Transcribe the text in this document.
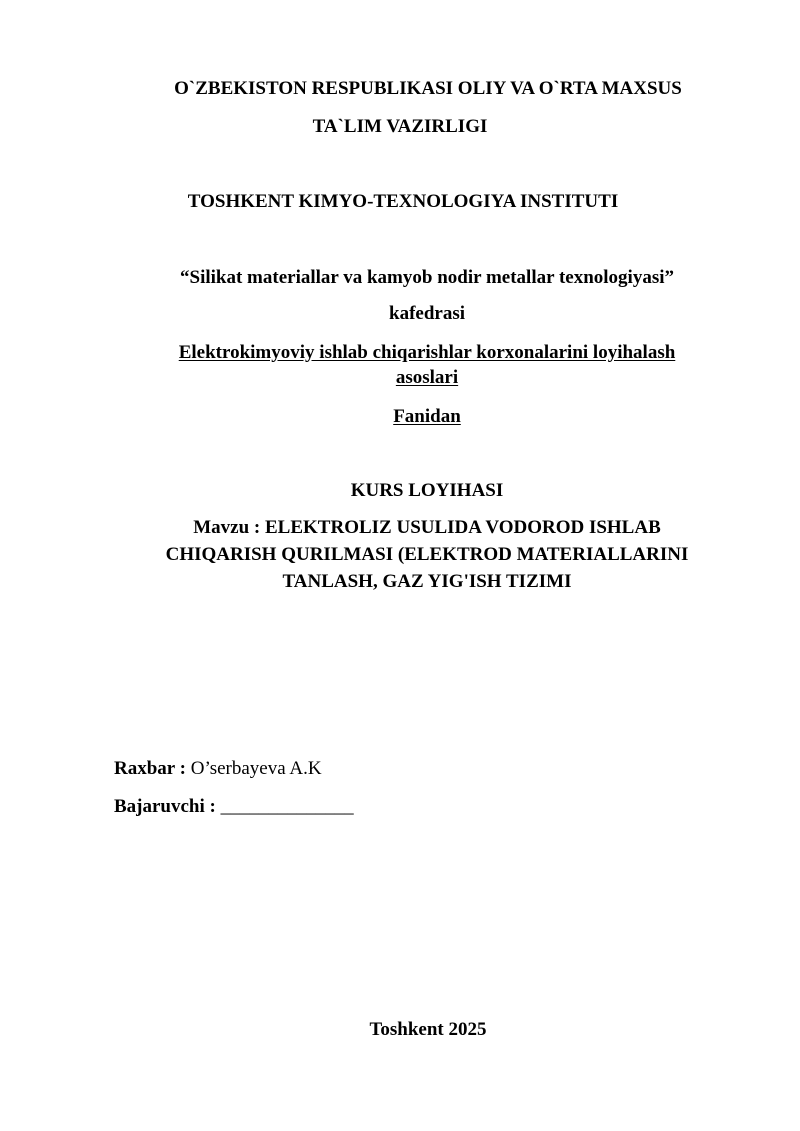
O`ZBEKISTON RESPUBLIKASI OLIY VA O`RTA MAXSUS
TA`LIM VAZIRLIGI
TOSHKENT KIMYO-TEXNOLOGIYA INSTITUTI
“Silikat materiallar va kamyob nodir metallar texnologiyasi”
kafedrasi
Elektrokimyoviy ishlab chiqarishlar korxonalarini loyihalash
asoslari
Fanidan
KURS LOYIHASI
Mavzu : ELEKTROLIZ USULIDA VODOROD ISHLAB
CHIQARISH QURILMASI (ELEKTROD MATERIALLARINI
TANLASH, GAZ YIG'ISH TIZIMI
Raxbar : O’serbayeva A.K
Bajaruvchi : ______________
Toshkent 2025
